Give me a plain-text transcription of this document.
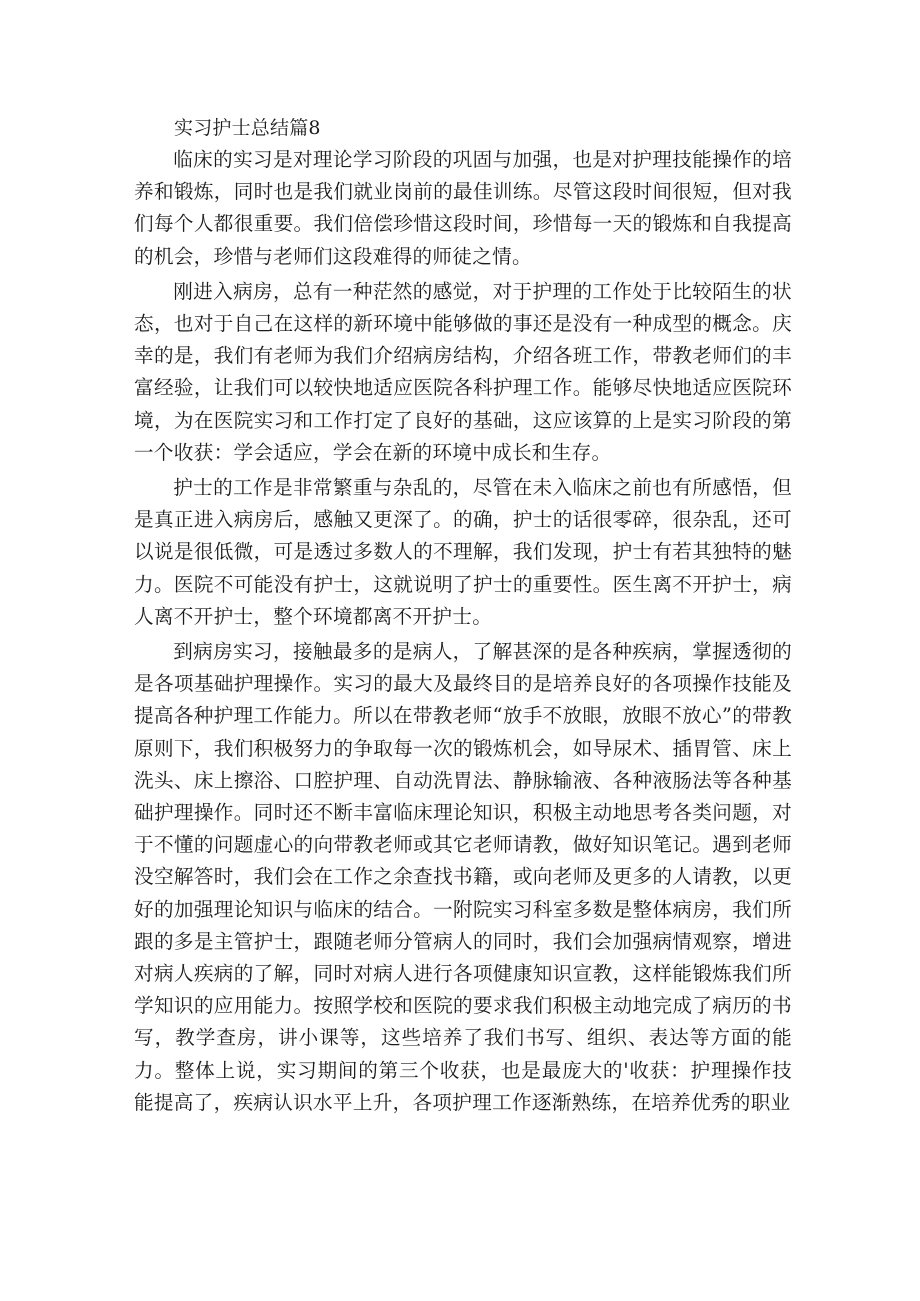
实习护士总结篇8

临床的实习是对理论学习阶段的巩固与加强，也是对护理技能操作的培养和锻炼，同时也是我们就业岗前的最佳训练。尽管这段时间很短，但对我们每个人都很重要。我们倍偿珍惜这段时间，珍惜每一天的锻炼和自我提高的机会，珍惜与老师们这段难得的师徒之情。

刚进入病房，总有一种茫然的感觉，对于护理的工作处于比较陌生的状态，也对于自己在这样的新环境中能够做的事还是没有一种成型的概念。庆幸的是，我们有老师为我们介绍病房结构，介绍各班工作，带教老师们的丰富经验，让我们可以较快地适应医院各科护理工作。能够尽快地适应医院环境，为在医院实习和工作打定了良好的基础，这应该算的上是实习阶段的第一个收获：学会适应，学会在新的环境中成长和生存。

护士的工作是非常繁重与杂乱的，尽管在未入临床之前也有所感悟，但是真正进入病房后，感触又更深了。的确，护士的话很零碎，很杂乱，还可以说是很低微，可是透过多数人的不理解，我们发现，护士有若其独特的魅力。医院不可能没有护士，这就说明了护士的重要性。医生离不开护士，病人离不开护士，整个环境都离不开护士。

到病房实习，接触最多的是病人，了解甚深的是各种疾病，掌握透彻的是各项基础护理操作。实习的最大及最终目的是培养良好的各项操作技能及提高各种护理工作能力。所以在带教老师“放手不放眼，放眼不放心”的带教原则下，我们积极努力的争取每一次的锻炼机会，如导尿术、插胃管、床上洗头、床上擦浴、口腔护理、自动洗胃法、静脉输液、各种液肠法等各种基础护理操作。同时还不断丰富临床理论知识，积极主动地思考各类问题，对于不懂的问题虚心的向带教老师或其它老师请教，做好知识笔记。遇到老师没空解答时，我们会在工作之余查找书籍，或向老师及更多的人请教，以更好的加强理论知识与临床的结合。一附院实习科室多数是整体病房，我们所跟的多是主管护士，跟随老师分管病人的同时，我们会加强病情观察，增进对病人疾病的了解，同时对病人进行各项健康知识宣教，这样能锻炼我们所学知识的应用能力。按照学校和医院的要求我们积极主动地完成了病历的书写，教学查房，讲小课等，这些培养了我们书写、组织、表达等方面的能力。整体上说，实习期间的第三个收获，也是最庞大的'收获：护理操作技能提高了，疾病认识水平上升，各项护理工作逐渐熟练，在培养优秀的职业
